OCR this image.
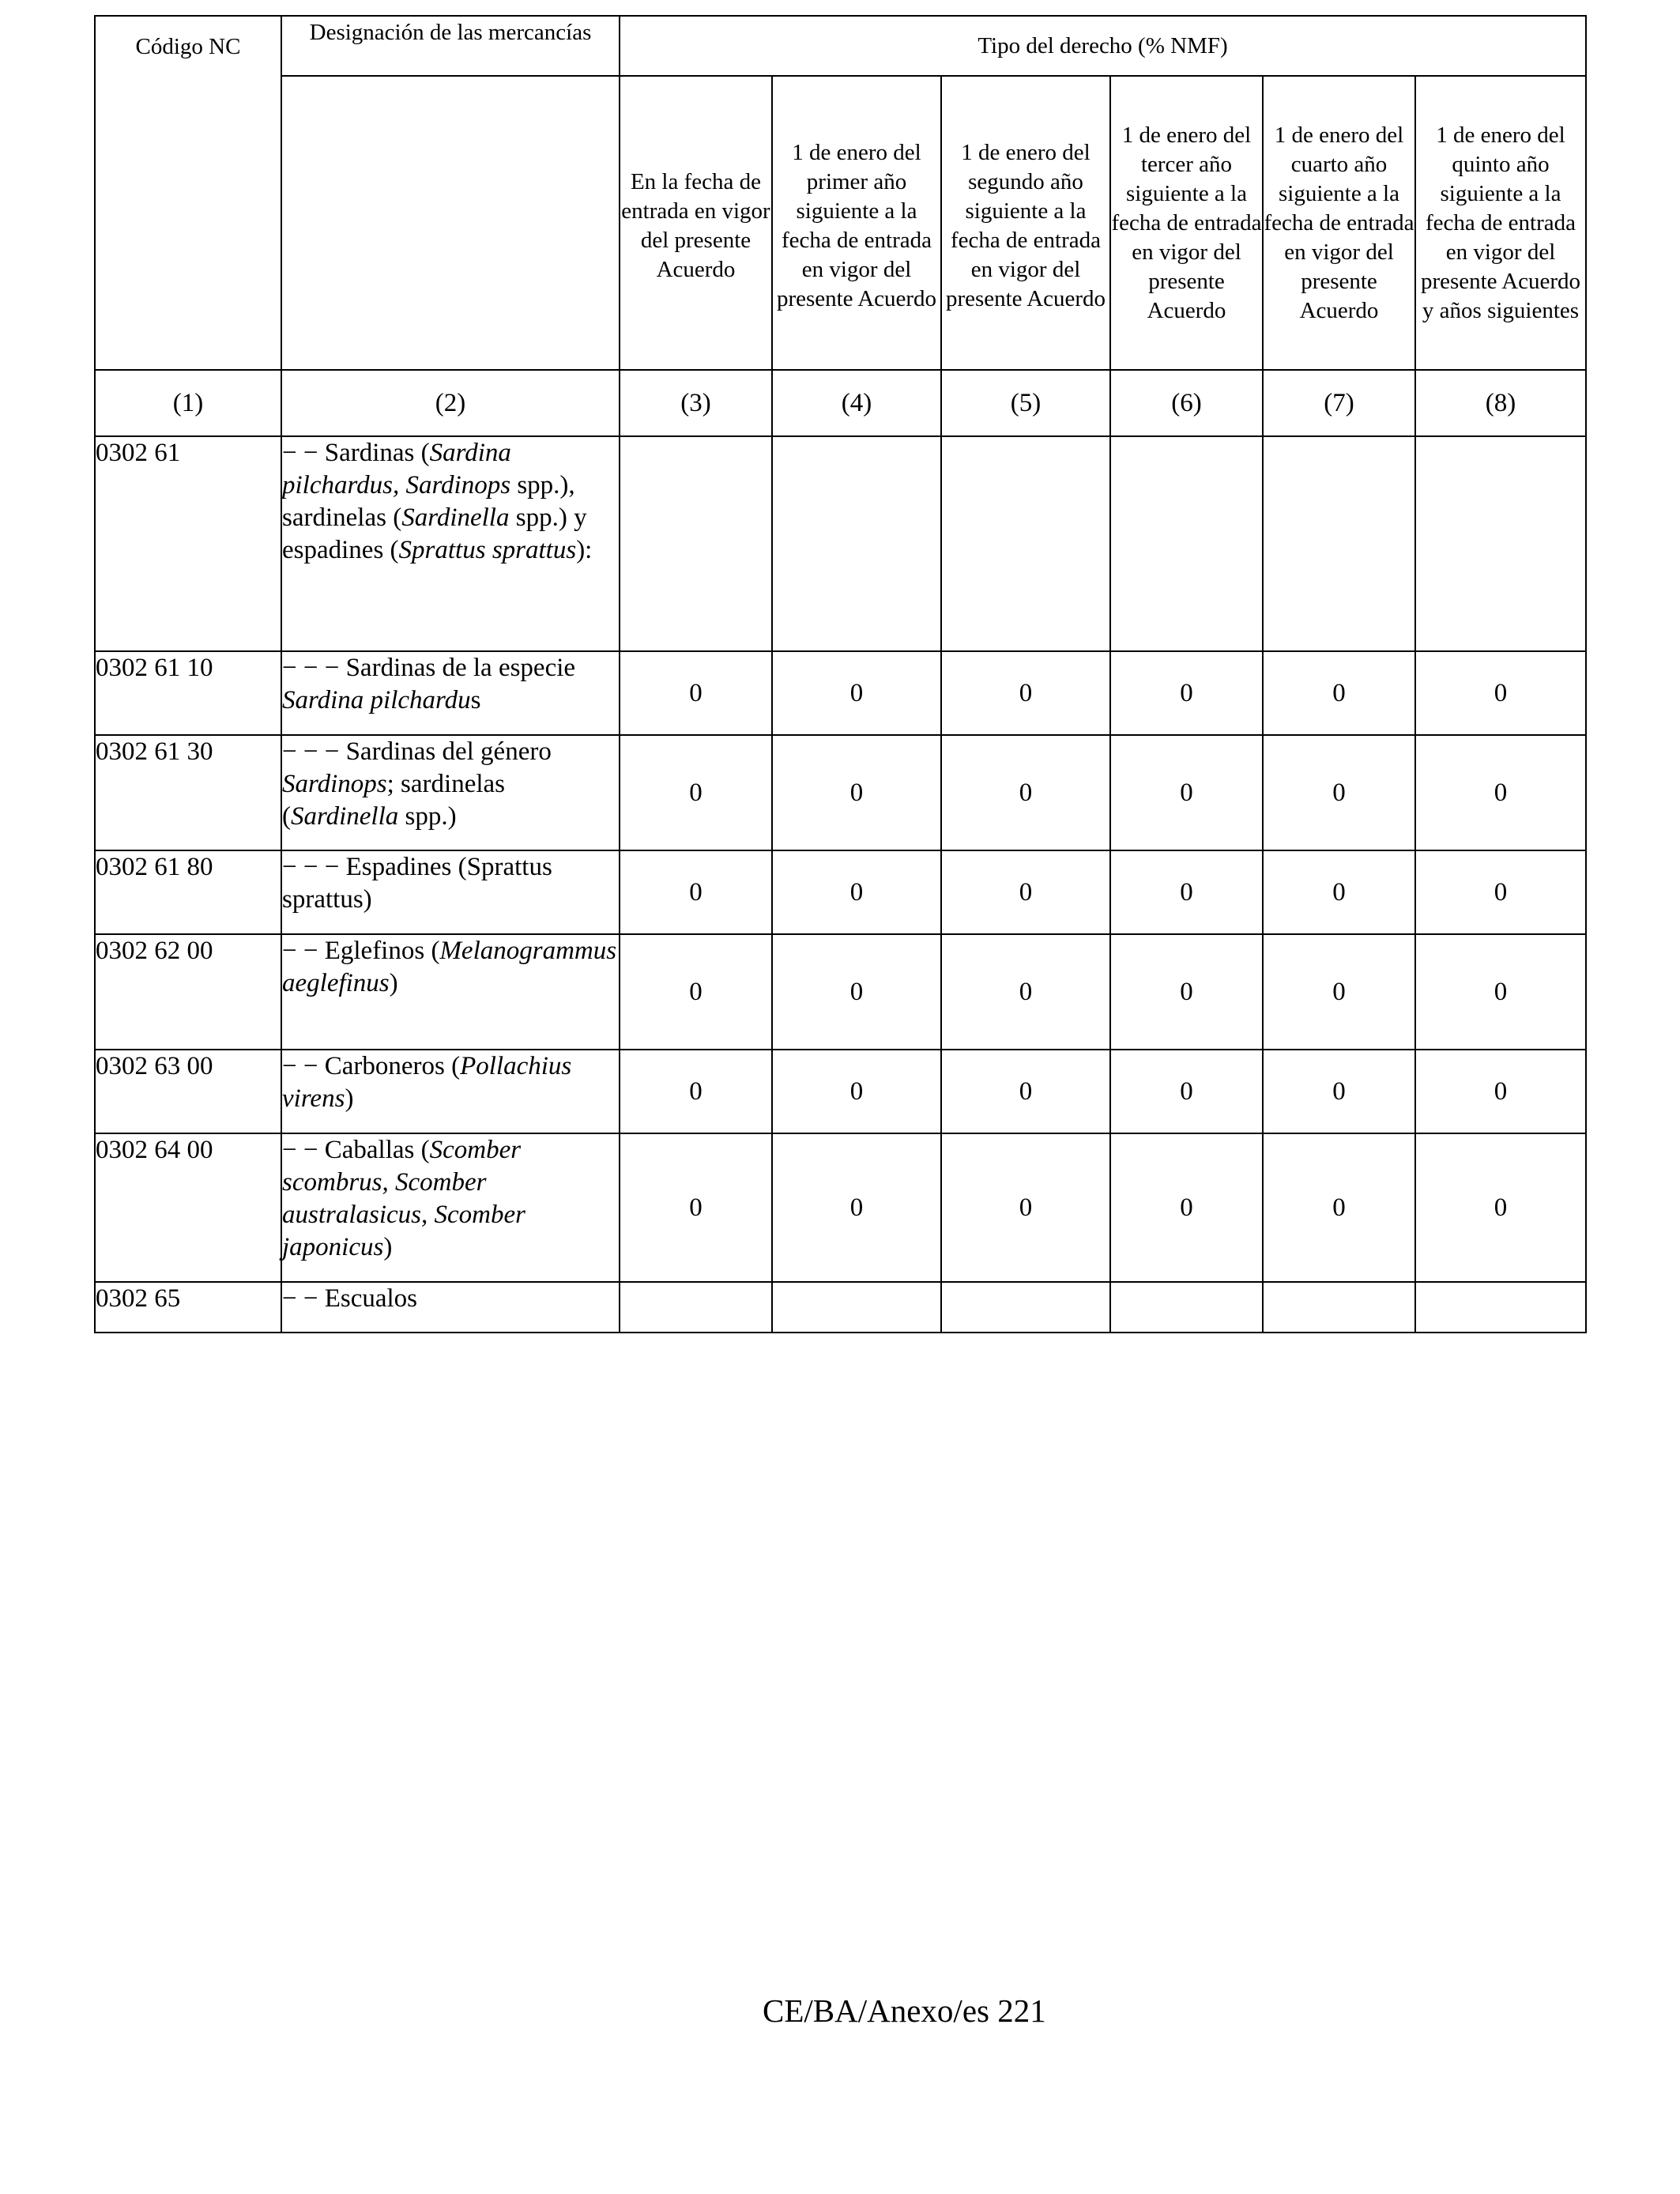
Código NC	Designación de las mercancías	Tipo del derecho (% NMF)					
		En la fecha de entrada en vigor del presente Acuerdo	1 de enero del primer año siguiente a la fecha de entrada en vigor del presente Acuerdo	1 de enero del segundo año siguiente a la fecha de entrada en vigor del presente Acuerdo	1 de enero del tercer año siguiente a la fecha de entrada en vigor del presente Acuerdo	1 de enero del cuarto año siguiente a la fecha de entrada en vigor del presente Acuerdo	1 de enero del quinto año siguiente a la fecha de entrada en vigor del presente Acuerdo y años siguientes
(1)	(2)	(3)	(4)	(5)	(6)	(7)	(8)
0302 61	− − Sardinas (Sardina pilchardus, Sardinops spp.), sardinelas (Sardinella spp.) y espadines (Sprattus sprattus):						
0302 61 10	− − − Sardinas de la especie Sardina pilchardus	0	0	0	0	0	0
0302 61 30	− − − Sardinas del género Sardinops; sardinelas (Sardinella spp.)	0	0	0	0	0	0
0302 61 80	− − − Espadines (Sprattus sprattus)	0	0	0	0	0	0
0302 62 00	− − Eglefinos (Melanogrammus aeglefinus)	0	0	0	0	0	0
0302 63 00	− − Carboneros (Pollachius virens)	0	0	0	0	0	0
0302 64 00	− − Caballas (Scomber scombrus, Scomber australasicus, Scomber japonicus)	0	0	0	0	0	0
0302 65	− − Escualos						
CE/BA/Anexo/es 221
